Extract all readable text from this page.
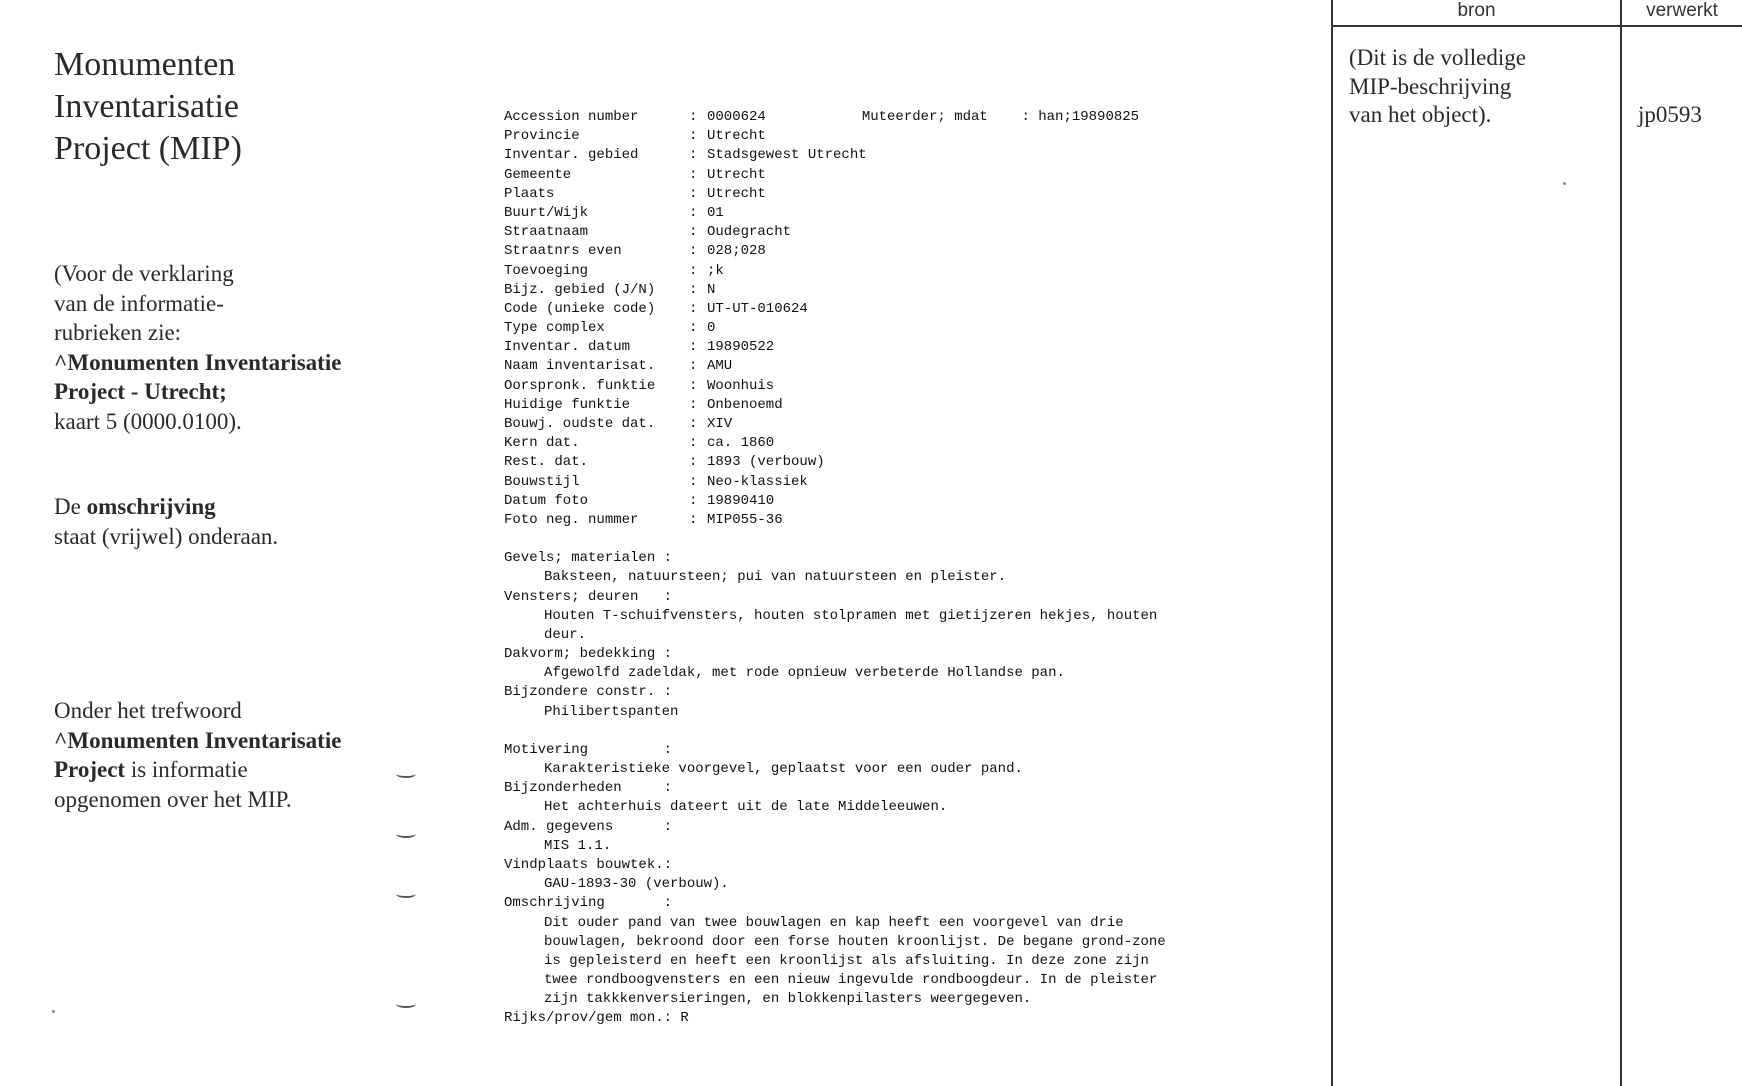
Monumenten
Inventarisatie
Project (MIP)
(Voor de verklaring
van de informatie-
rubrieken zie:
^Monumenten Inventarisatie
Project - Utrecht;
kaart 5 (0000.0100).
De omschrijving
staat (vrijwel) onderaan.
Onder het trefwoord
^Monumenten Inventarisatie
Project is informatie
opgenomen over het MIP.
Accession number	: 0000624	Muteerder; mdat    : han;19890825
Provincie	: Utrecht
Inventar. gebied	: Stadsgewest Utrecht
Gemeente	: Utrecht
Plaats	: Utrecht
Buurt/Wijk	: 01
Straatnaam	: Oudegracht
Straatnrs even	: 028;028
Toevoeging	: ;k
Bijz. gebied (J/N)	: N
Code (unieke code)	: UT-UT-010624
Type complex	: 0
Inventar. datum	: 19890522
Naam inventarisat.	: AMU
Oorspronk. funktie	: Woonhuis
Huidige funktie	: Onbenoemd
Bouwj. oudste dat.	: XIV
Kern dat.	: ca. 1860
Rest. dat.	: 1893 (verbouw)
Bouwstijl	: Neo-klassiek
Datum foto	: 19890410
Foto neg. nummer	: MIP055-36
Gevels; materialen :
Baksteen, natuursteen; pui van natuursteen en pleister.
Vensters; deuren   :
Houten T-schuifvensters, houten stolpramen met gietijzeren hekjes, houten
deur.
Dakvorm; bedekking :
Afgewolfd zadeldak, met rode opnieuw verbeterde Hollandse pan.
Bijzondere constr. :
Philibertspanten
Motivering         :
Karakteristieke voorgevel, geplaatst voor een ouder pand.
Bijzonderheden     :
Het achterhuis dateert uit de late Middeleeuwen.
Adm. gegevens      :
MIS 1.1.
Vindplaats bouwtek.:
GAU-1893-30 (verbouw).
Omschrijving       :
Dit ouder pand van twee bouwlagen en kap heeft een voorgevel van drie
bouwlagen, bekroond door een forse houten kroonlijst. De begane grond-zone
is gepleisterd en heeft een kroonlijst als afsluiting. In deze zone zijn
twee rondboogvensters en een nieuw ingevulde rondboogdeur. In de pleister
zijn takkkenversieringen, en blokkenpilasters weergegeven.
Rijks/prov/gem mon.: R
bron	verwerkt
(Dit is de volledige
MIP-beschrijving
van het object).	jp0593
